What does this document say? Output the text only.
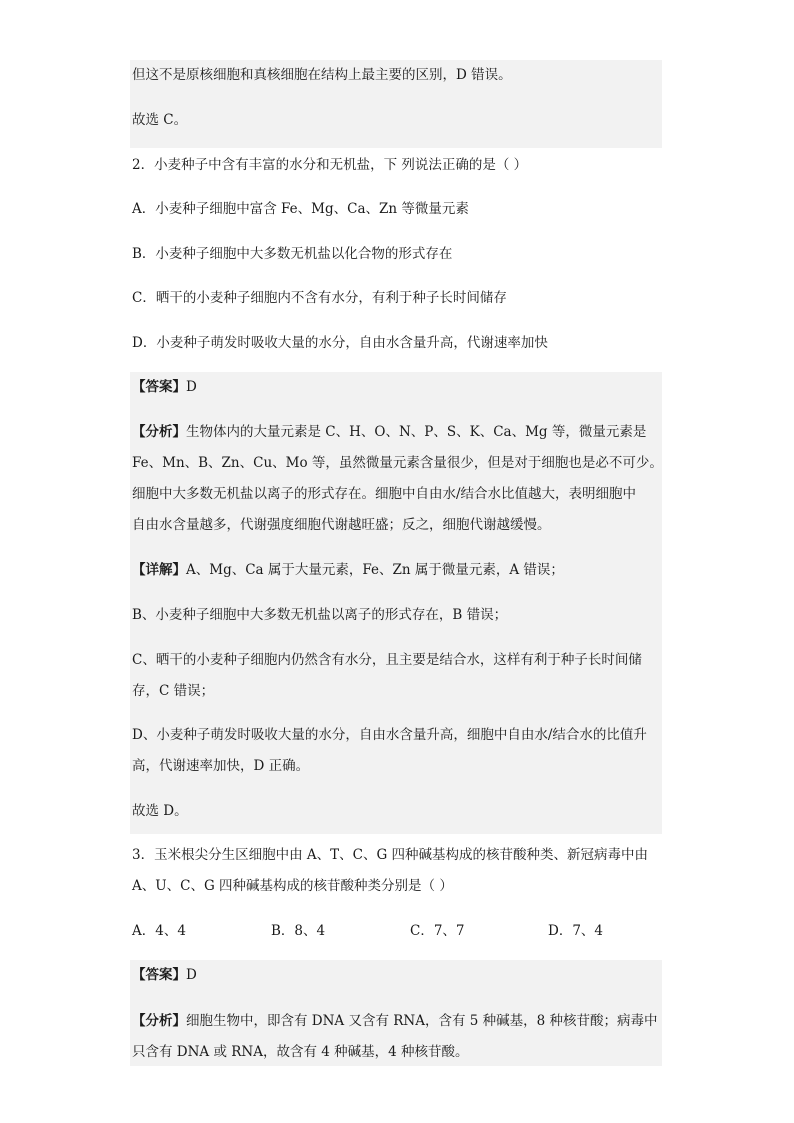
但这不是原核细胞和真核细胞在结构上最主要的区别，D 错误。
故选 C。
2．小麦种子中含有丰富的水分和无机盐，下 列说法正确的是（ ）
A．小麦种子细胞中富含 Fe、Mg、Ca、Zn 等微量元素
B．小麦种子细胞中大多数无机盐以化合物的形式存在
C．晒干的小麦种子细胞内不含有水分，有利于种子长时间储存
D．小麦种子萌发时吸收大量的水分，自由水含量升高，代谢速率加快
【答案】D
【分析】生物体内的大量元素是 C、H、O、N、P、S、K、Ca、Mg 等，微量元素是
Fe、Mn、B、Zn、Cu、Mo 等，虽然微量元素含量很少，但是对于细胞也是必不可少。
细胞中大多数无机盐以离子的形式存在。细胞中自由水/结合水比值越大，表明细胞中
自由水含量越多，代谢强度细胞代谢越旺盛；反之，细胞代谢越缓慢。
【详解】A、Mg、Ca 属于大量元素，Fe、Zn 属于微量元素，A 错误；
B、小麦种子细胞中大多数无机盐以离子的形式存在，B 错误；
C、晒干的小麦种子细胞内仍然含有水分，且主要是结合水，这样有利于种子长时间储
存，C 错误；
D、小麦种子萌发时吸收大量的水分，自由水含量升高，细胞中自由水/结合水的比值升
高，代谢速率加快，D 正确。
故选 D。
3．玉米根尖分生区细胞中由 A、T、C、G 四种碱基构成的核苷酸种类、新冠病毒中由
A、U、C、G 四种碱基构成的核苷酸种类分别是（ ）
A．4、4	B．8、4	C．7、7	D．7、4
【答案】D
【分析】细胞生物中，即含有 DNA 又含有 RNA，含有 5 种碱基，8 种核苷酸；病毒中
只含有 DNA 或 RNA，故含有 4 种碱基，4 种核苷酸。
